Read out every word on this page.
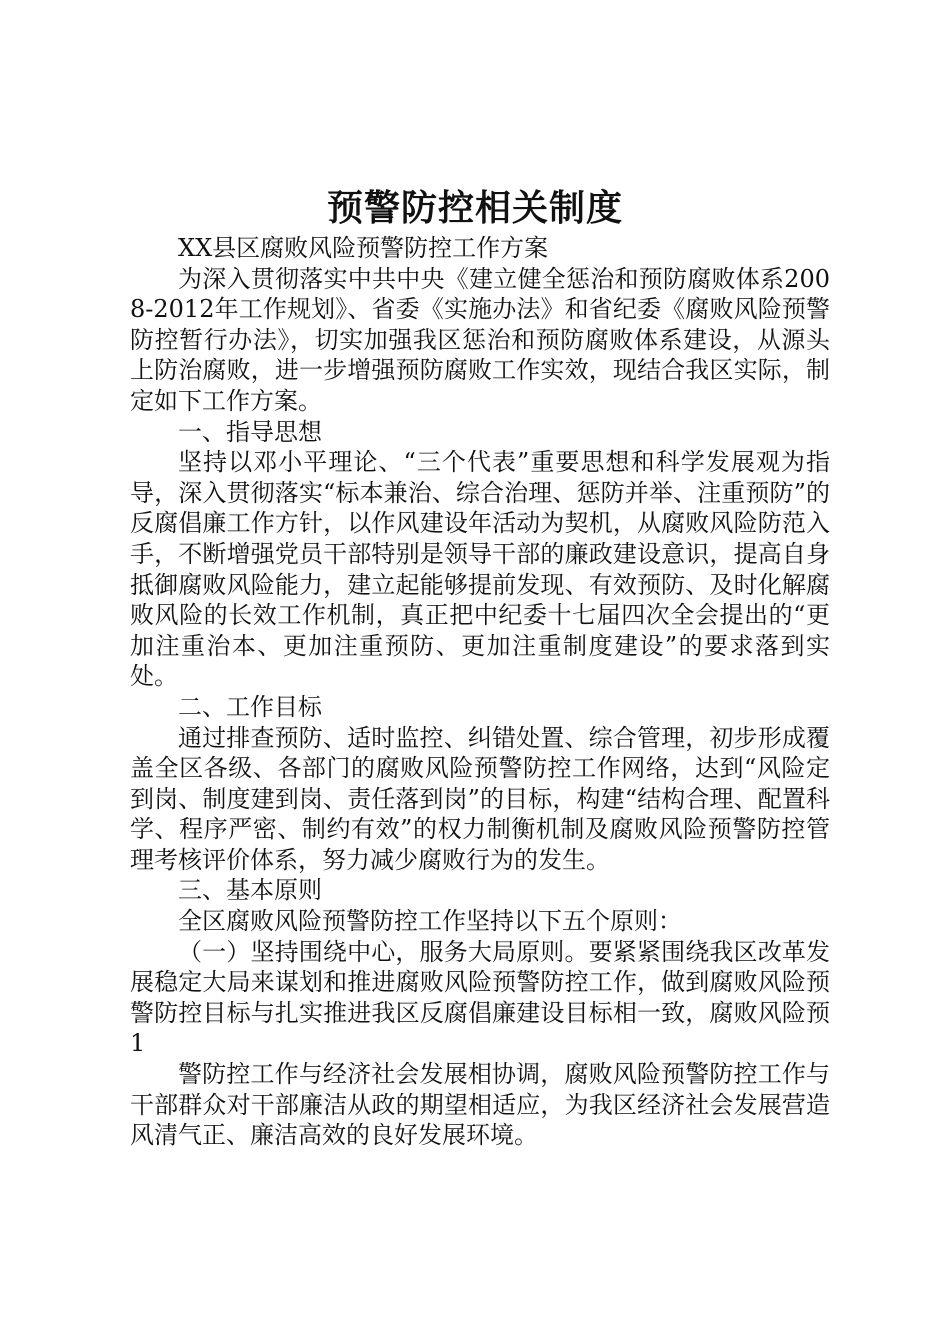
预警防控相关制度

XX县区腐败风险预警防控工作方案

为深入贯彻落实中共中央《建立健全惩治和预防腐败体系2008-2012年工作规划》、省委《实施办法》和省纪委《腐败风险预警防控暂行办法》，切实加强我区惩治和预防腐败体系建设，从源头上防治腐败，进一步增强预防腐败工作实效，现结合我区实际，制定如下工作方案。

一、指导思想

坚持以邓小平理论、“三个代表”重要思想和科学发展观为指导，深入贯彻落实“标本兼治、综合治理、惩防并举、注重预防”的反腐倡廉工作方针，以作风建设年活动为契机，从腐败风险防范入手，不断增强党员干部特别是领导干部的廉政建设意识，提高自身抵御腐败风险能力，建立起能够提前发现、有效预防、及时化解腐败风险的长效工作机制，真正把中纪委十七届四次全会提出的“更加注重治本、更加注重预防、更加注重制度建设”的要求落到实处。

二、工作目标

通过排查预防、适时监控、纠错处置、综合管理，初步形成覆盖全区各级、各部门的腐败风险预警防控工作网络，达到“风险定到岗、制度建到岗、责任落到岗”的目标，构建“结构合理、配置科学、程序严密、制约有效”的权力制衡机制及腐败风险预警防控管理考核评价体系，努力减少腐败行为的发生。

三、基本原则

全区腐败风险预警防控工作坚持以下五个原则：

（一）坚持围绕中心，服务大局原则。要紧紧围绕我区改革发展稳定大局来谋划和推进腐败风险预警防控工作，做到腐败风险预警防控目标与扎实推进我区反腐倡廉建设目标相一致，腐败风险预1

警防控工作与经济社会发展相协调，腐败风险预警防控工作与干部群众对干部廉洁从政的期望相适应，为我区经济社会发展营造风清气正、廉洁高效的良好发展环境。
